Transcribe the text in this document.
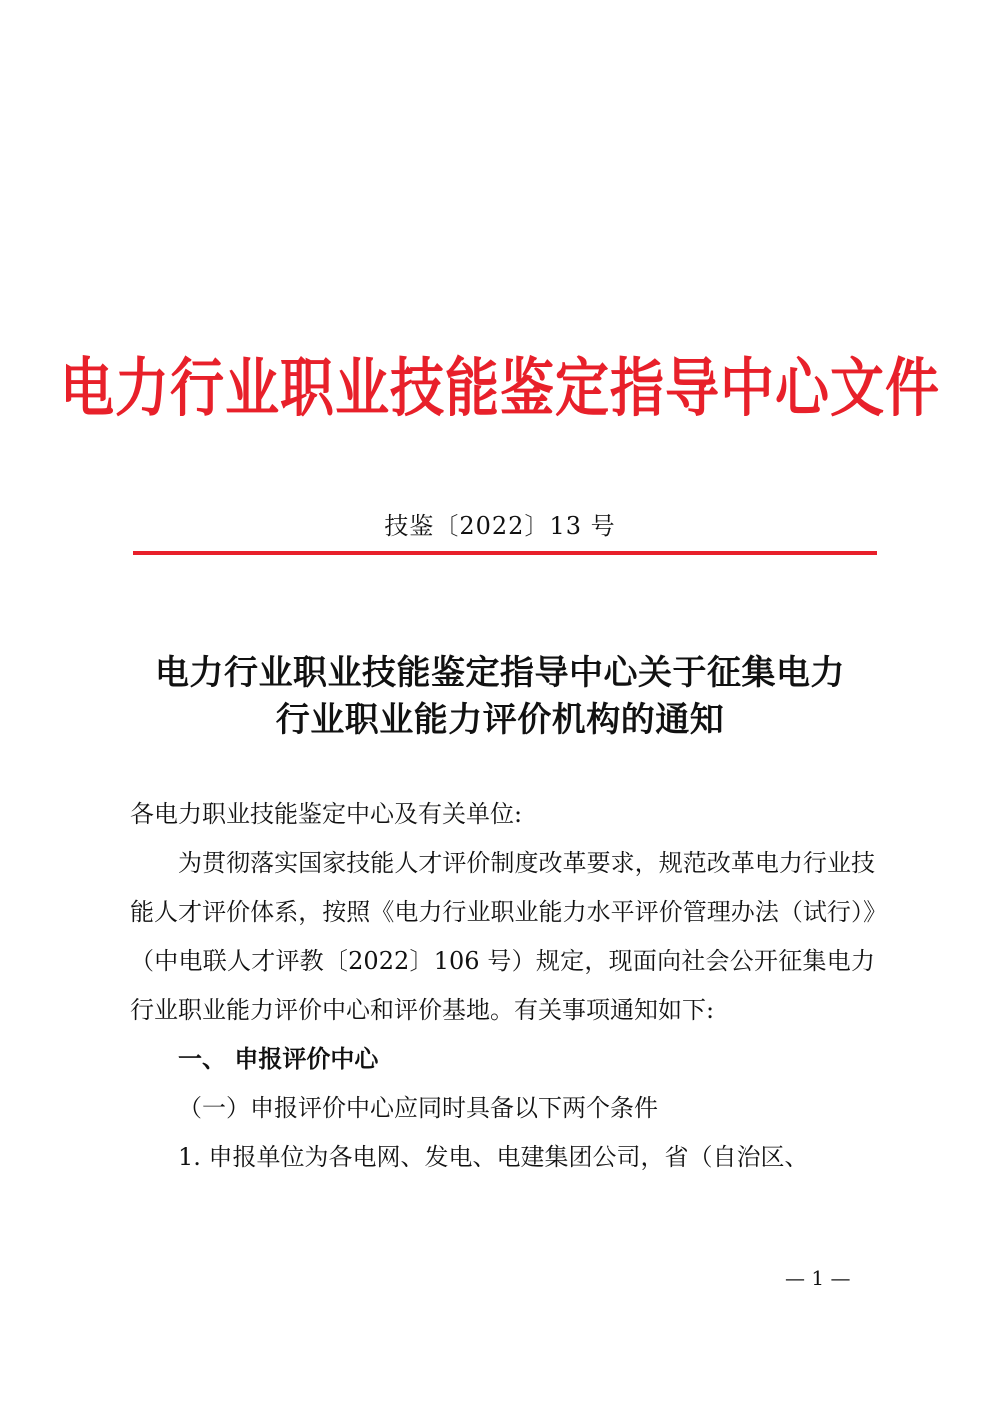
电力行业职业技能鉴定指导中心文件
技鉴〔2022〕13 号
电力行业职业技能鉴定指导中心关于征集电力
行业职业能力评价机构的通知

各电力职业技能鉴定中心及有关单位:

为贯彻落实国家技能人才评价制度改革要求，规范改革电力行业技能人才评价体系，按照《电力行业职业能力水平评价管理办法（试行）》（中电联人才评教〔2022〕106 号）规定，现面向社会公开征集电力行业职业能力评价中心和评价基地。有关事项通知如下:

一、 申报评价中心

（一）申报评价中心应同时具备以下两个条件

1. 申报单位为各电网、发电、电建集团公司，省（自治区、

— 1 —
